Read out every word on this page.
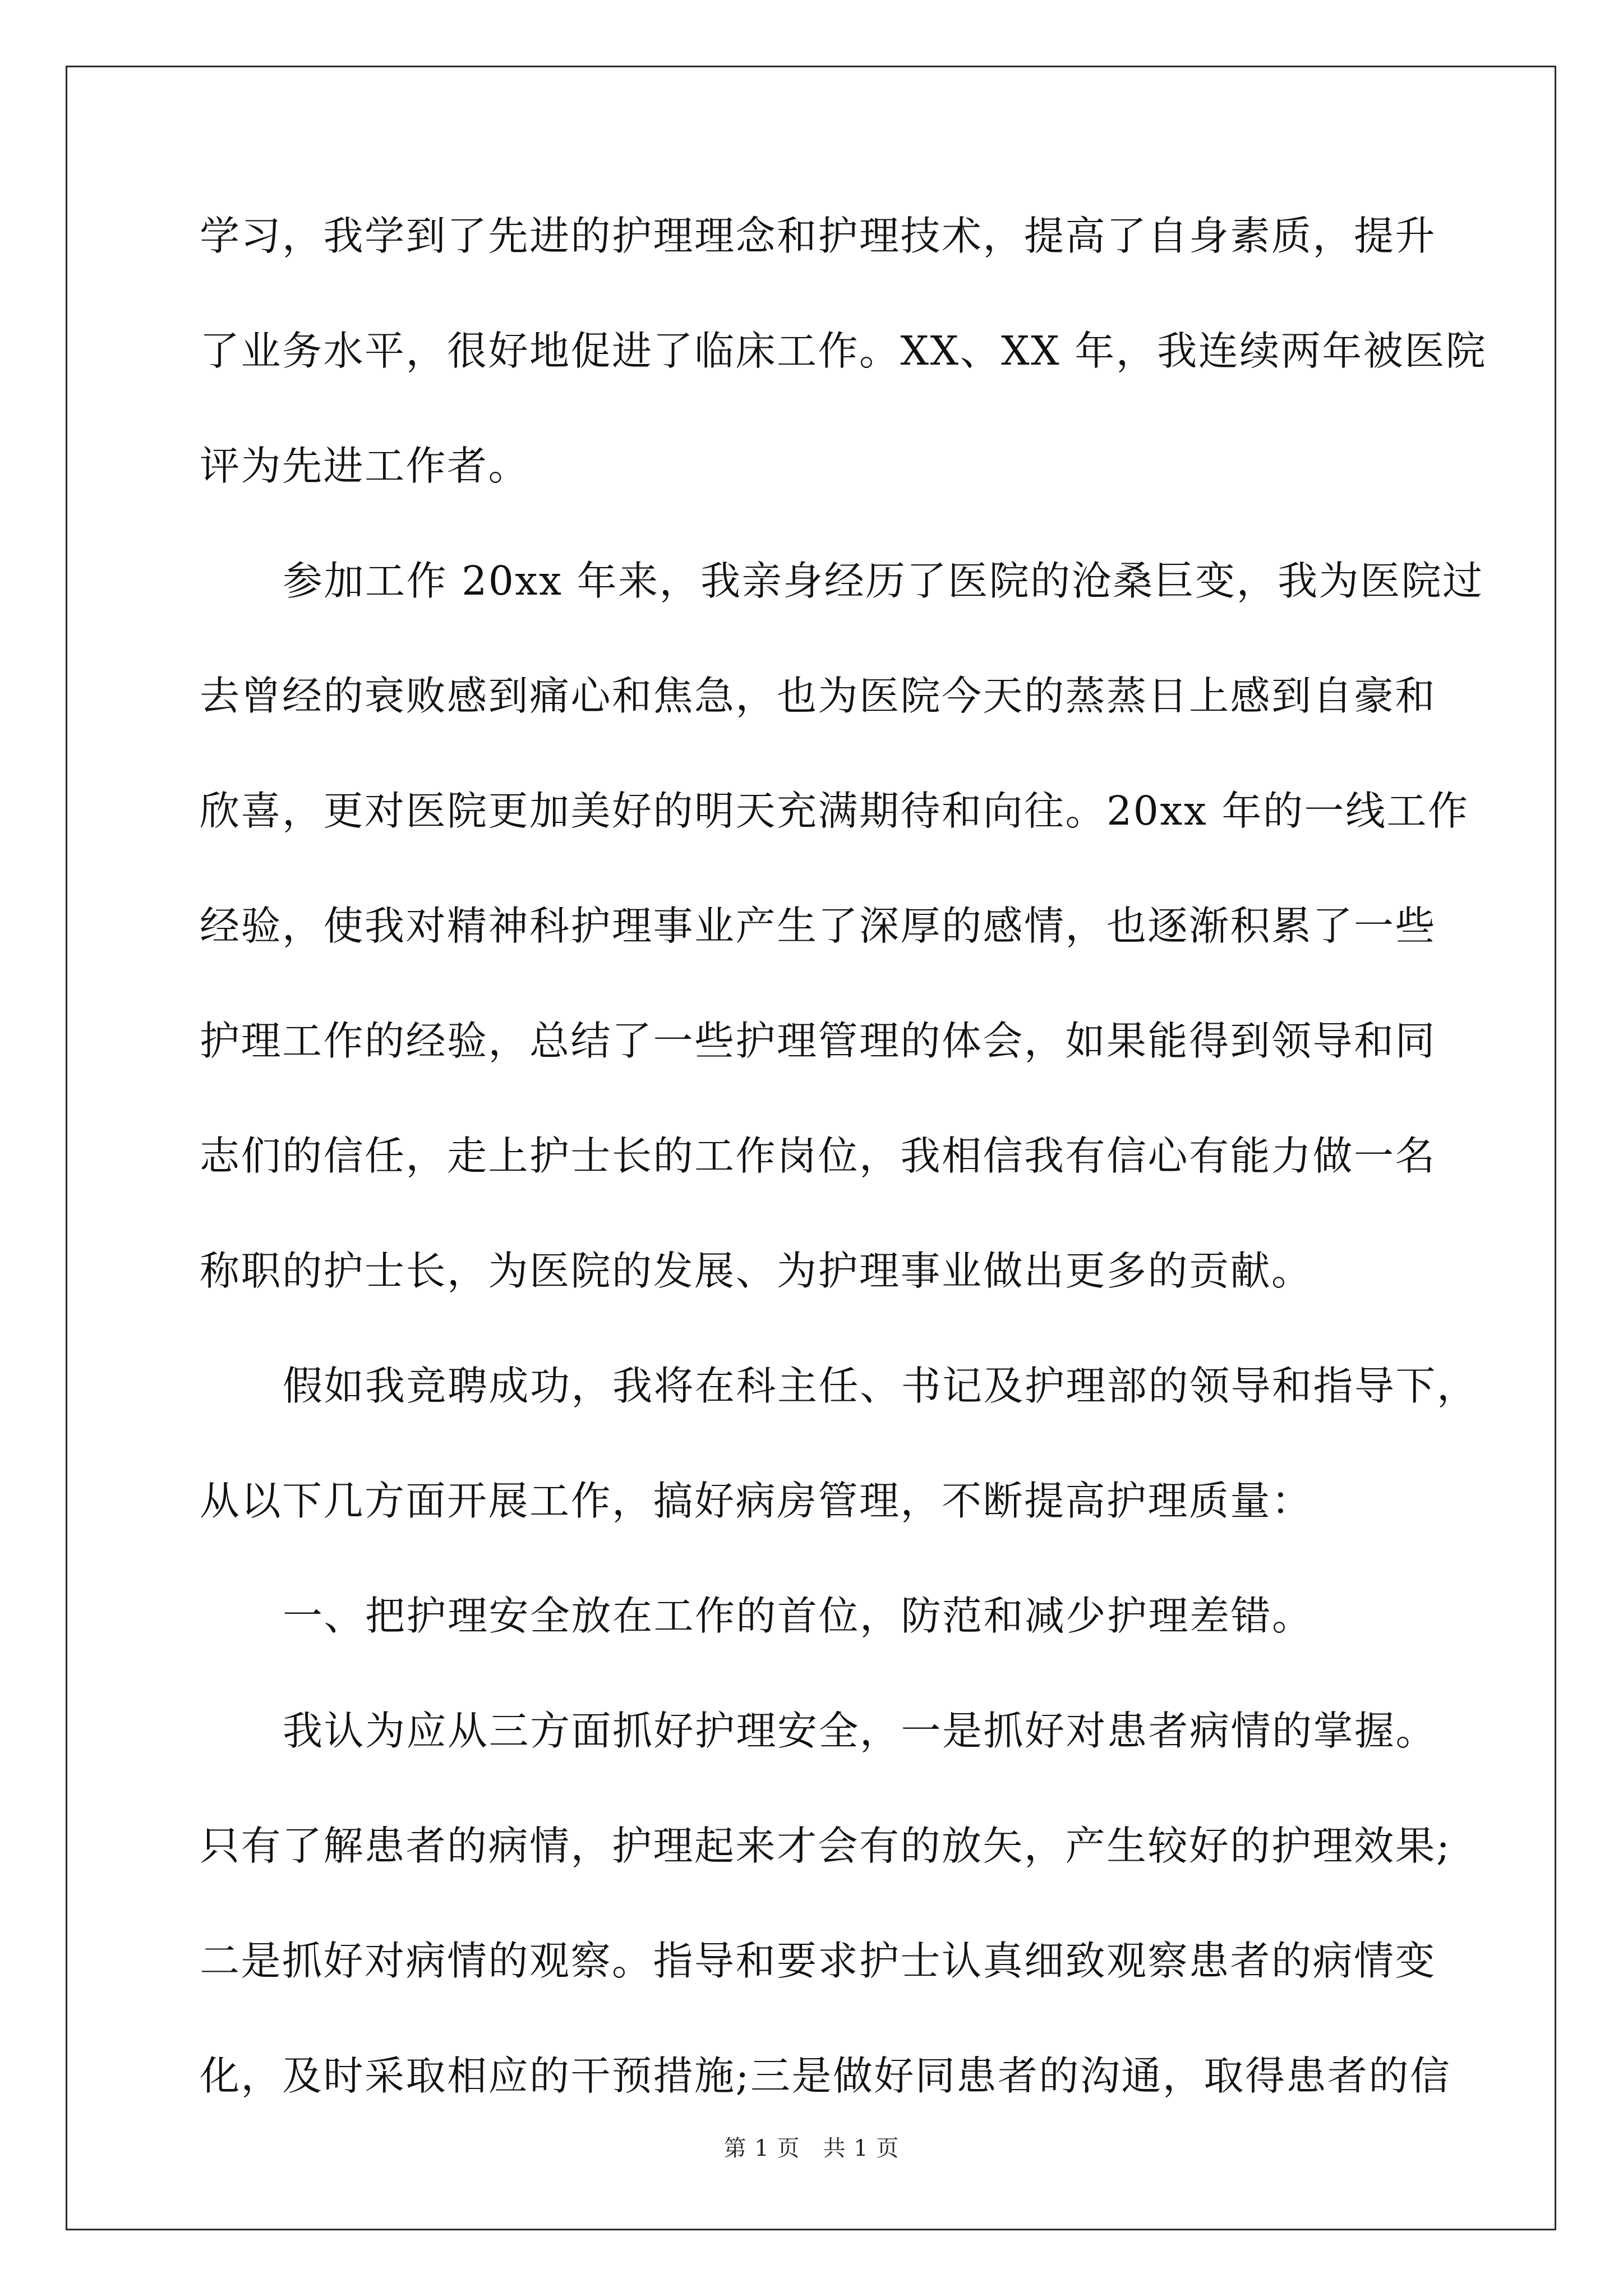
学习，我学到了先进的护理理念和护理技术，提高了自身素质，提升
了业务水平，很好地促进了临床工作。XX、XX 年，我连续两年被医院
评为先进工作者。
参加工作 20xx 年来，我亲身经历了医院的沧桑巨变，我为医院过
去曾经的衰败感到痛心和焦急，也为医院今天的蒸蒸日上感到自豪和
欣喜，更对医院更加美好的明天充满期待和向往。20xx 年的一线工作
经验，使我对精神科护理事业产生了深厚的感情，也逐渐积累了一些
护理工作的经验，总结了一些护理管理的体会，如果能得到领导和同
志们的信任，走上护士长的工作岗位，我相信我有信心有能力做一名
称职的护士长，为医院的发展、为护理事业做出更多的贡献。
假如我竞聘成功，我将在科主任、书记及护理部的领导和指导下，
从以下几方面开展工作，搞好病房管理，不断提高护理质量：
一、把护理安全放在工作的首位，防范和减少护理差错。
我认为应从三方面抓好护理安全，一是抓好对患者病情的掌握。
只有了解患者的病情，护理起来才会有的放矢，产生较好的护理效果;
二是抓好对病情的观察。指导和要求护士认真细致观察患者的病情变
化，及时采取相应的干预措施;三是做好同患者的沟通，取得患者的信
第 1 页　共 1 页
